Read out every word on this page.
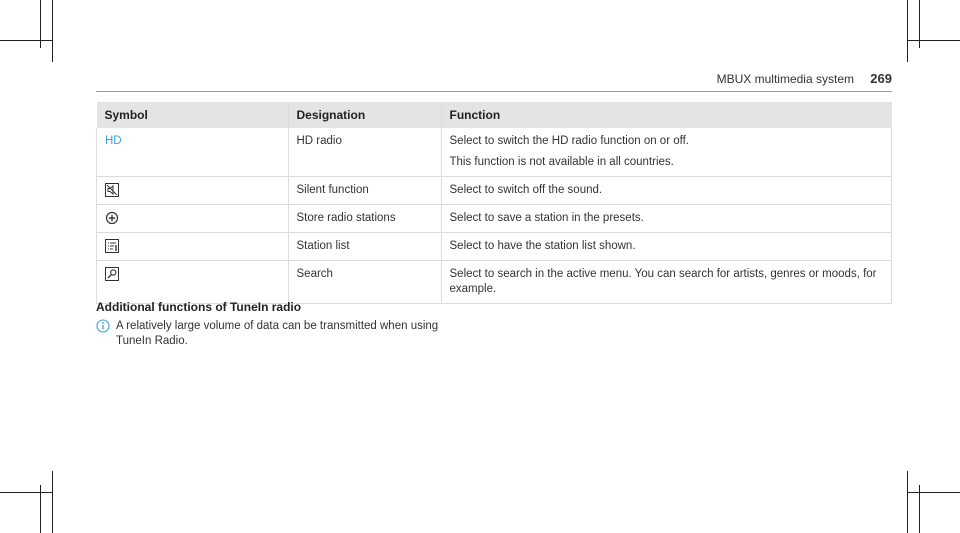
MBUX multimedia system 269
Symbol	Designation	Function
HD	HD radio	Select to switch the HD radio function on or off.
This function is not available in all countries.

	Silent function	Select to switch off the sound.

	Store radio stations	Select to save a station in the presets.

	Station list	Select to have the station list shown.

	Search	Select to search in the active menu. You can search for artists, genres or moods, for example.
Additional functions of TuneIn radio
A relatively large volume of data can be transmitted when using TuneIn Radio.
